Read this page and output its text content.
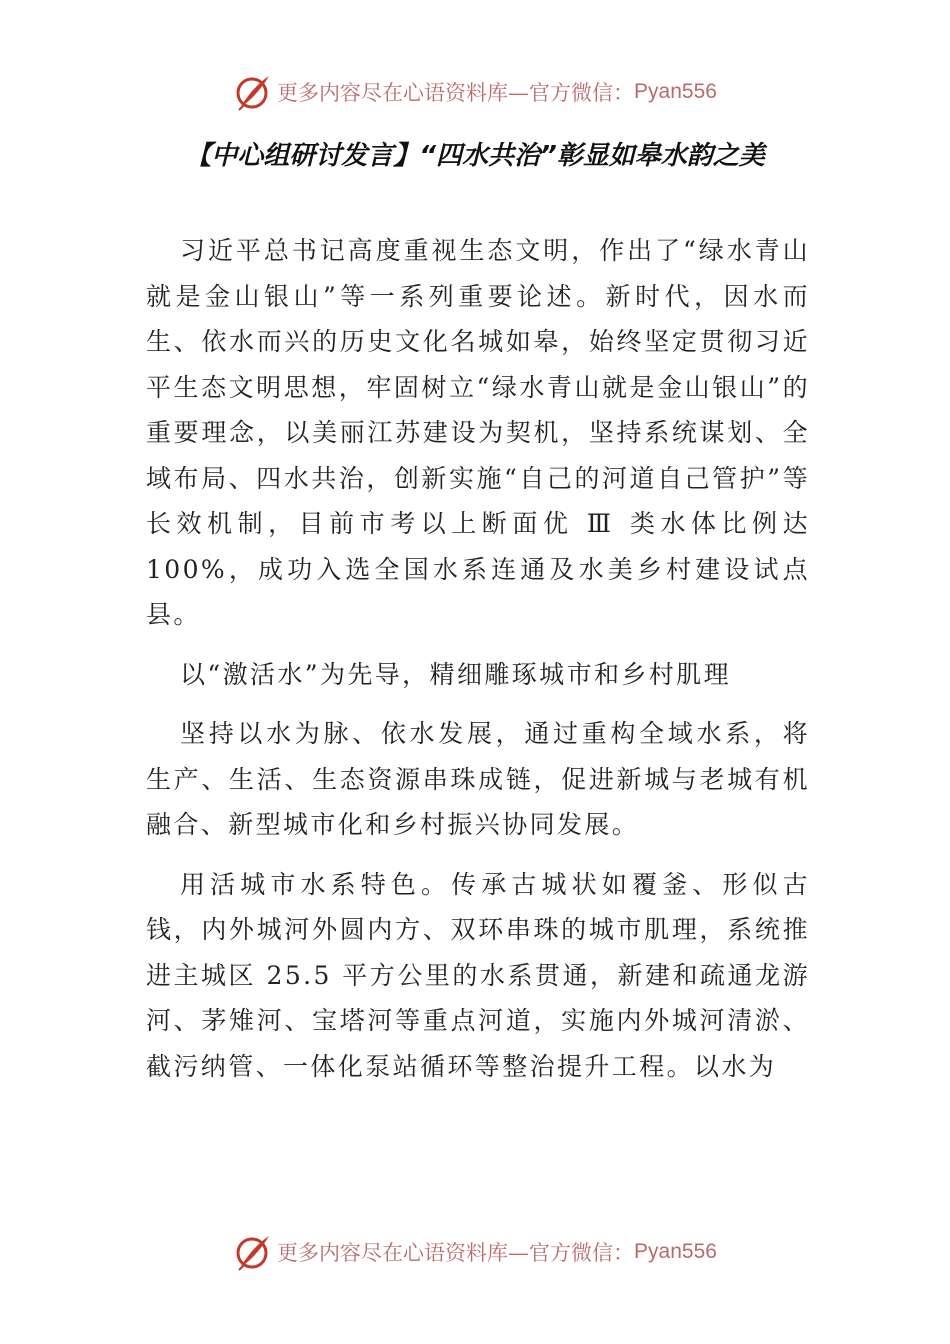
更多内容尽在心语资料库—官方微信： Pyan556
【中心组研讨发言】“四水共治”彰显如皋水韵之美

习近平总书记高度重视生态文明，作出了“绿水青山就是金山银山”等一系列重要论述。新时代，因水而生、依水而兴的历史文化名城如皋，始终坚定贯彻习近平生态文明思想，牢固树立“绿水青山就是金山银山”的重要理念，以美丽江苏建设为契机，坚持系统谋划、全域布局、四水共治，创新实施“自己的河道自己管护”等长效机制，目前市考以上断面优 Ⅲ 类水体比例达 100%，成功入选全国水系连通及水美乡村建设试点县。

以“激活水”为先导，精细雕琢城市和乡村肌理

坚持以水为脉、依水发展，通过重构全域水系，将生产、生活、生态资源串珠成链，促进新城与老城有机融合、新型城市化和乡村振兴协同发展。

用活城市水系特色。传承古城状如覆釜、形似古钱，内外城河外圆内方、双环串珠的城市肌理，系统推进主城区 25.5 平方公里的水系贯通，新建和疏通龙游河、茅雉河、宝塔河等重点河道，实施内外城河清淤、截污纳管、一体化泵站循环等整治提升工程。以水为

更多内容尽在心语资料库—官方微信： Pyan556
